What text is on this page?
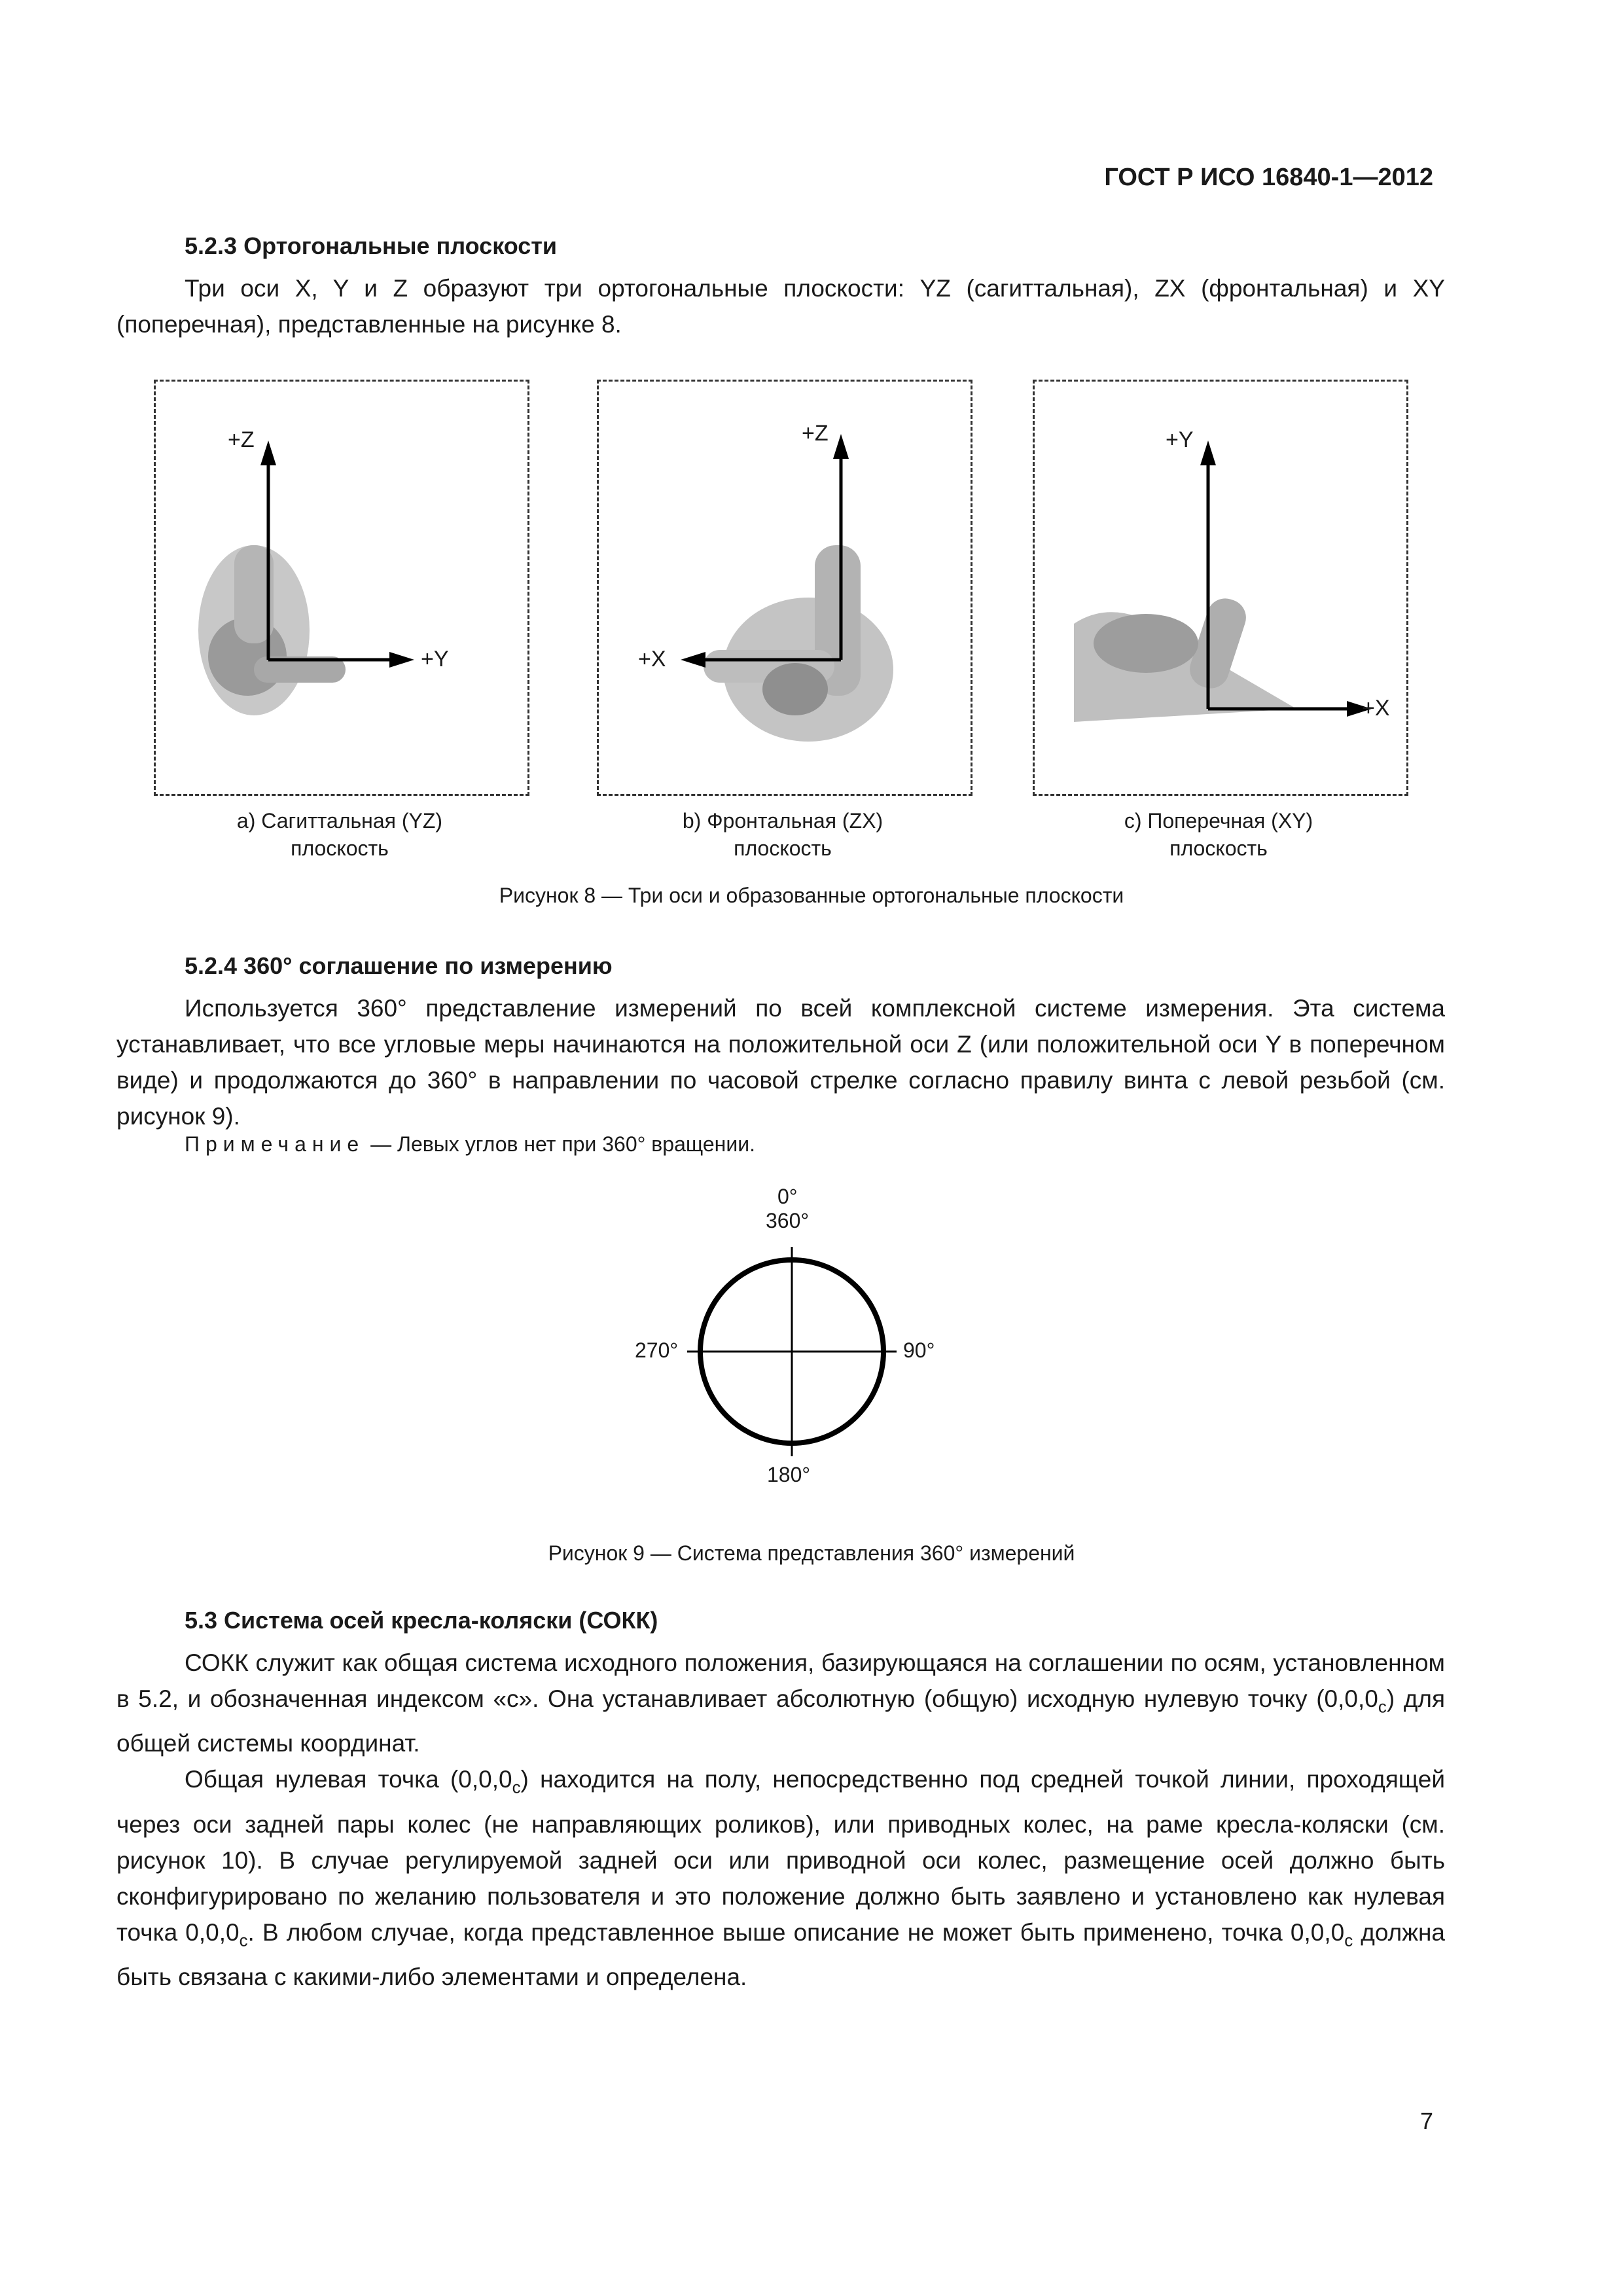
ГОСТ Р ИСО 16840-1—2012
5.2.3 Ортогональные плоскости

Три оси X, Y и Z образуют три ортогональные плоскости: YZ (сагиттальная), ZX (фронтальная) и XY (поперечная), представленные на рисунке 8.

+Z
+Y
+Z
+X
+Y
+X
a) Сагиттальная (YZ)
плоскость
b) Фронтальная (ZX)
плоскость
c) Поперечная (XY)
плоскость
Рисунок 8 — Три оси и образованные ортогональные плоскости
5.2.4 360° соглашение по измерению

Используется 360° представление измерений по всей комплексной системе измерения. Эта система устанавливает, что все угловые меры начинаются на положительной оси Z (или положительной оси Y в поперечном виде) и продолжаются до 360° в направлении по часовой стрелке согласно правилу винта с левой резьбой (см. рисунок 9).

Примечание — Левых углов нет при 360° вращении.
0°
360°
90°
270°
180°
Рисунок 9 — Система представления 360° измерений
5.3 Система осей кресла-коляски (СОКК)

СОКК служит как общая система исходного положения, базирующаяся на соглашении по осям, установленном в 5.2, и обозначенная индексом «c». Она устанавливает абсолютную (общую) исходную нулевую точку $(0,0,0_c)$ для общей системы координат.

Общая нулевая точка $(0,0,0_c)$ находится на полу, непосредственно под средней точкой линии, проходящей через оси задней пары колес (не направляющих роликов), или приводных колес, на раме кресла-коляски (см. рисунок 10). В случае регулируемой задней оси или приводной оси колес, размещение осей должно быть сконфигурировано по желанию пользователя и это положение должно быть заявлено и установлено как нулевая точка $0,0,0_c$. В любом случае, когда представленное выше описание не может быть применено, точка $0,0,0_c$ должна быть связана с какими-либо элементами и определена.

7
